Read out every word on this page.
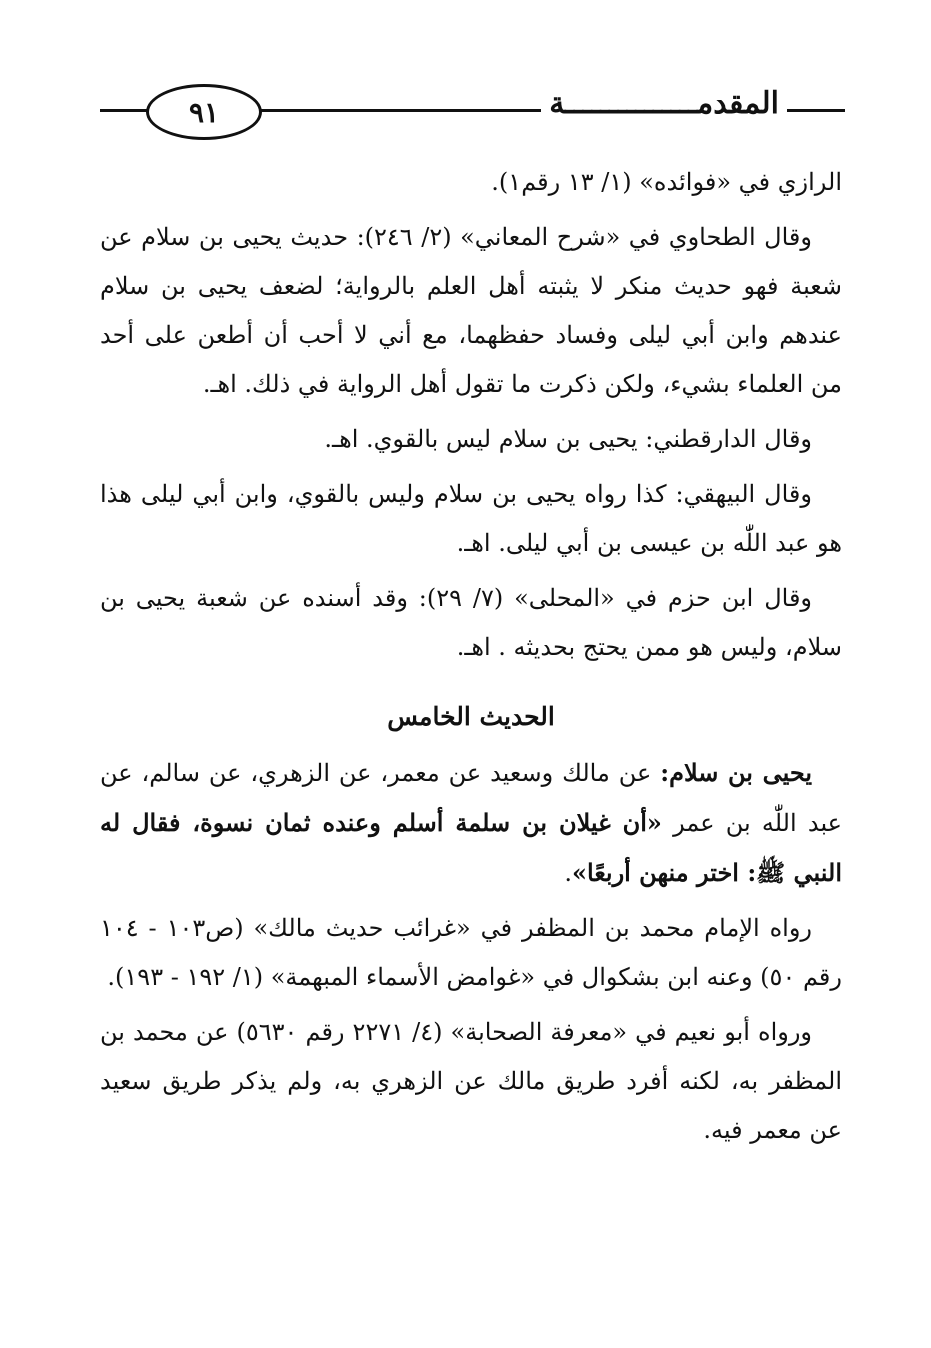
٩١	المقدمـــــــــــــــة

الرازي في «فوائده» (١/ ١٣ رقم١).

وقال الطحاوي في «شرح المعاني» (٢/ ٢٤٦): حديث يحيى بن سلام عن شعبة فهو حديث منكر لا يثبته أهل العلم بالرواية؛ لضعف يحيى بن سلام عندهم وابن أبي ليلى وفساد حفظهما، مع أني لا أحب أن أطعن على أحد من العلماء بشيء، ولكن ذكرت ما تقول أهل الرواية في ذلك. اهـ.

وقال الدارقطني: يحيى بن سلام ليس بالقوي. اهـ.

وقال البيهقي: كذا رواه يحيى بن سلام وليس بالقوي، وابن أبي ليلى هذا هو عبد اللّٰه بن عيسى بن أبي ليلى. اهـ.

وقال ابن حزم في «المحلى» (٧/ ٢٩): وقد أسنده عن شعبة يحيى بن سلام، وليس هو ممن يحتج بحديثه . اهـ.

الحديث الخامس

يحيى بن سلام: عن مالك وسعيد عن معمر، عن الزهري، عن سالم، عن عبد اللّٰه بن عمر «أن غيلان بن سلمة أسلم وعنده ثمان نسوة، فقال له النبي ﷺ: اختر منهن أربعًا».

رواه الإمام محمد بن المظفر في «غرائب حديث مالك» (ص١٠٣ - ١٠٤ رقم ٥٠) وعنه ابن بشكوال في «غوامض الأسماء المبهمة» (١/ ١٩٢ - ١٩٣).

ورواه أبو نعيم في «معرفة الصحابة» (٤/ ٢٢٧١ رقم ٥٦٣٠) عن محمد بن المظفر به، لكنه أفرد طريق مالك عن الزهري به، ولم يذكر طريق سعيد عن معمر فيه.
